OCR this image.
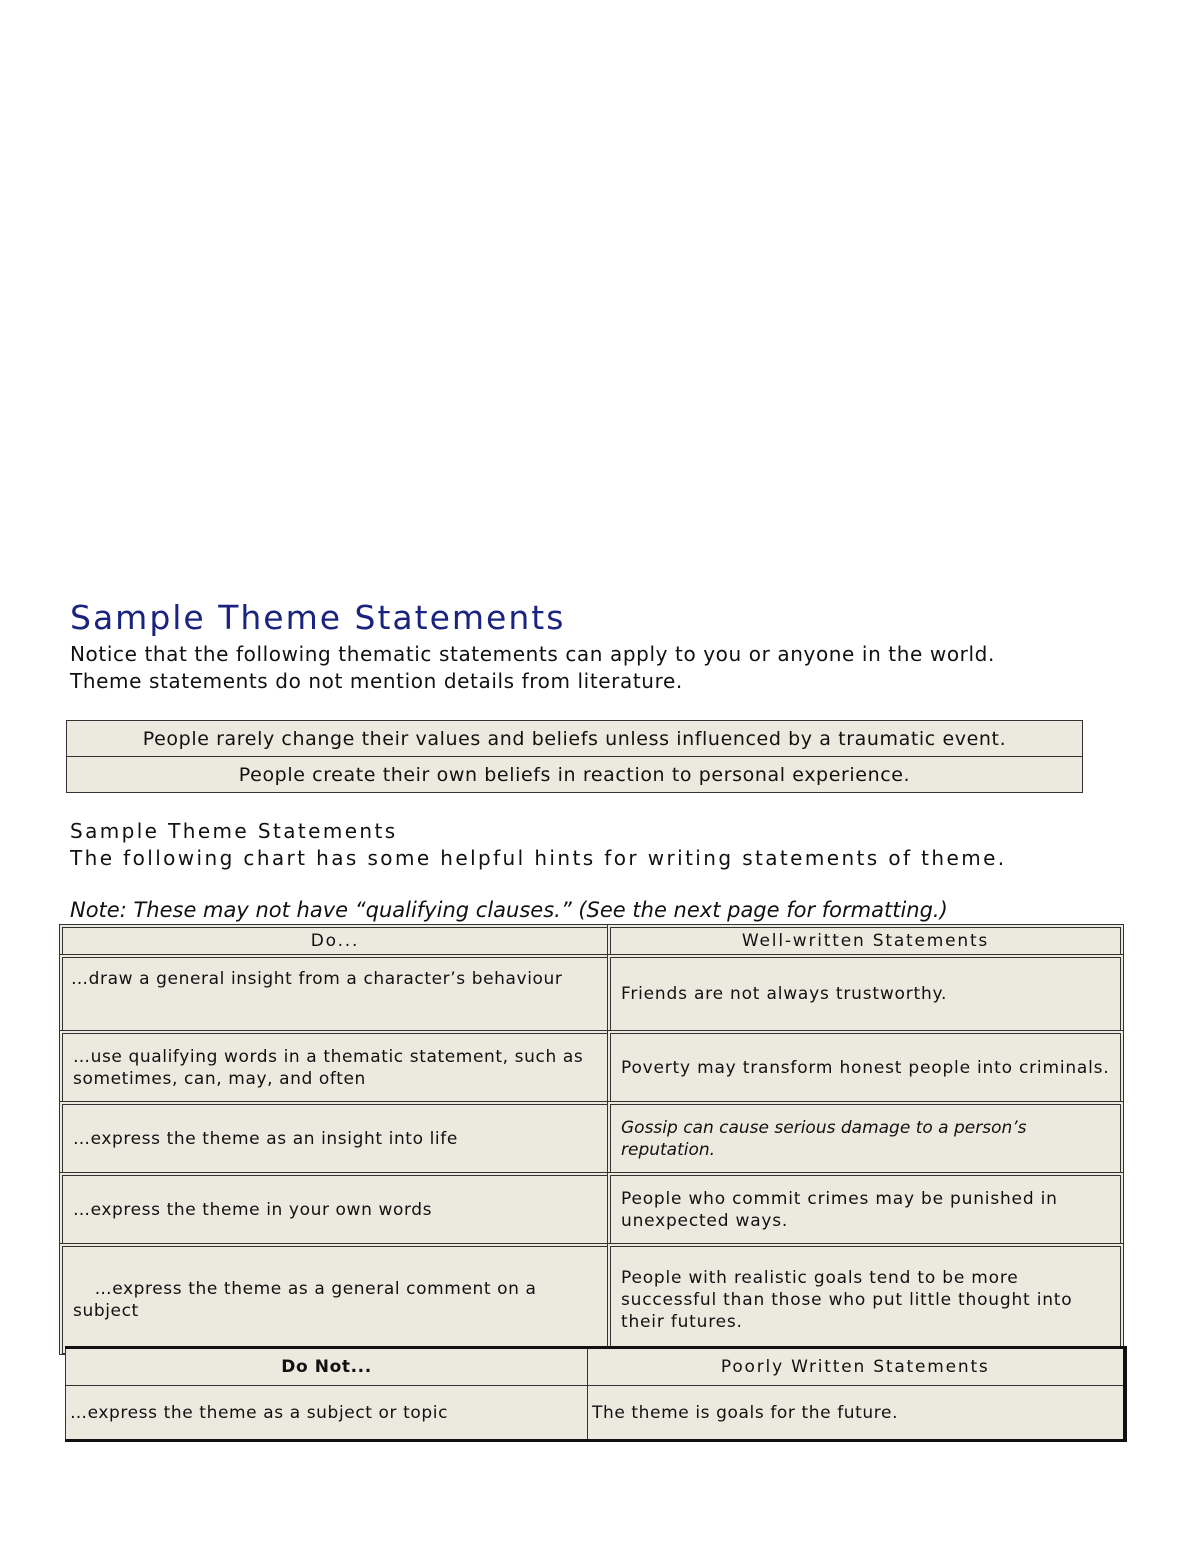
Sample Theme Statements
Notice that the following thematic statements can apply to you or anyone in the world.
Theme statements do not mention details from literature.
People rarely change their values and beliefs unless influenced by a traumatic event.
People create their own beliefs in reaction to personal experience.
Sample Theme Statements
The following chart has some helpful hints for writing statements of theme.
Note: These may not have “qualifying clauses.” (See the next page for formatting.)
Do...	Well-written Statements
…draw a general insight from a character’s behaviour	Friends are not always trustworthy.
…use qualifying words in a thematic statement, such as sometimes, can, may, and often	Poverty may transform honest people into criminals.
…express the theme as an insight into life	Gossip can cause serious damage to a person’s reputation.
…express the theme in your own words	People who commit crimes may be punished in unexpected ways.
…express the theme as a general comment on a subject	People with realistic goals tend to be more successful than those who put little thought into their futures.
Do Not...	Poorly Written Statements
…express the theme as a subject or topic	The theme is goals for the future.
